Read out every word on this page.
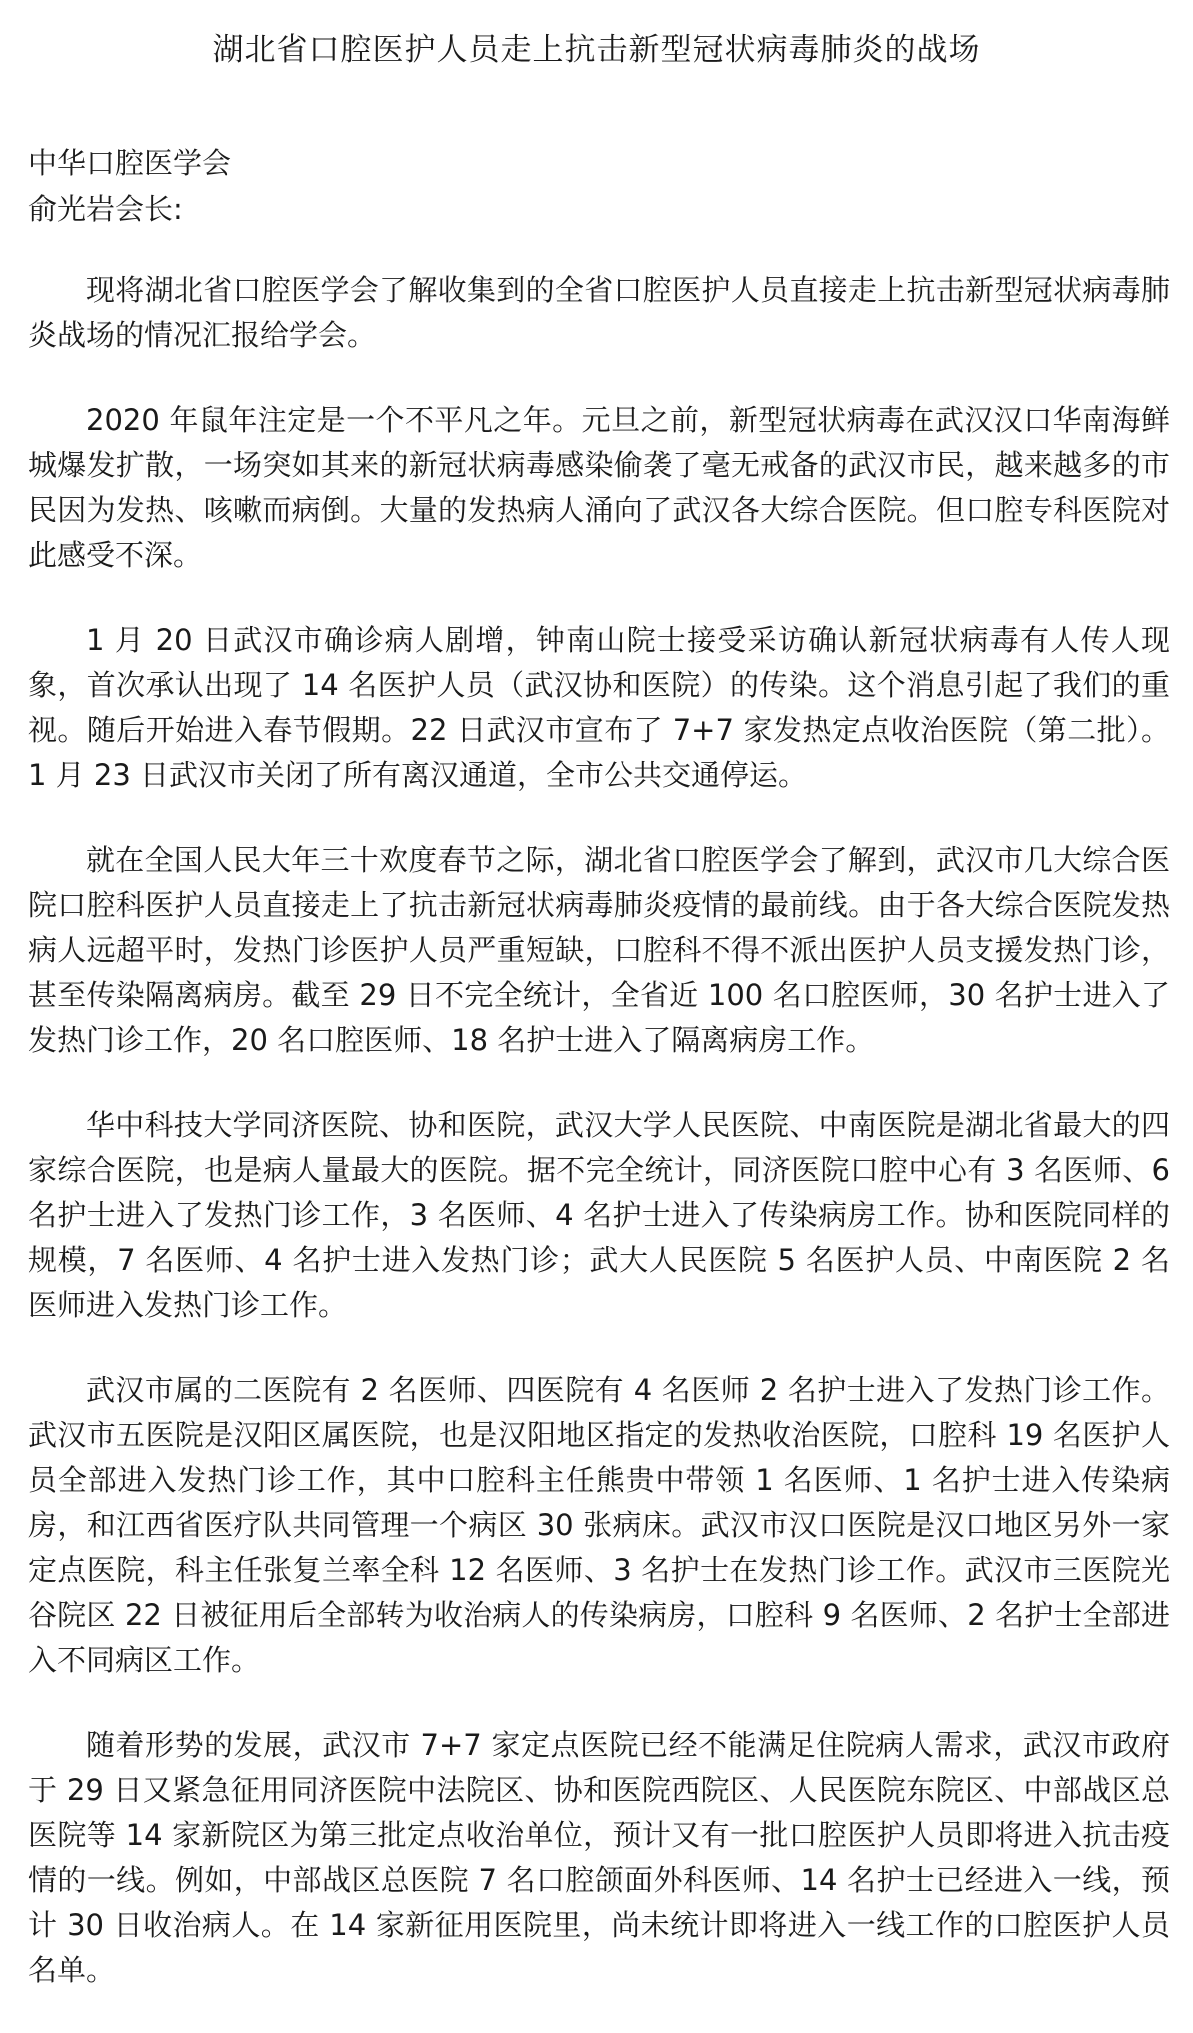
湖北省口腔医护人员走上抗击新型冠状病毒肺炎的战场
中华口腔医学会
俞光岩会长:

现将湖北省口腔医学会了解收集到的全省口腔医护人员直接走上抗击新型冠状病毒肺炎战场的情况汇报给学会。

2020 年鼠年注定是一个不平凡之年。元旦之前，新型冠状病毒在武汉汉口华南海鲜城爆发扩散，一场突如其来的新冠状病毒感染偷袭了毫无戒备的武汉市民，越来越多的市民因为发热、咳嗽而病倒。大量的发热病人涌向了武汉各大综合医院。但口腔专科医院对此感受不深。

1 月 20 日武汉市确诊病人剧增，钟南山院士接受采访确认新冠状病毒有人传人现象，首次承认出现了 14 名医护人员（武汉协和医院）的传染。这个消息引起了我们的重视。随后开始进入春节假期。22 日武汉市宣布了 7+7 家发热定点收治医院（第二批）。1 月 23 日武汉市关闭了所有离汉通道，全市公共交通停运。

就在全国人民大年三十欢度春节之际，湖北省口腔医学会了解到，武汉市几大综合医院口腔科医护人员直接走上了抗击新冠状病毒肺炎疫情的最前线。由于各大综合医院发热病人远超平时，发热门诊医护人员严重短缺，口腔科不得不派出医护人员支援发热门诊，甚至传染隔离病房。截至 29 日不完全统计，全省近 100 名口腔医师，30 名护士进入了发热门诊工作，20 名口腔医师、18 名护士进入了隔离病房工作。

华中科技大学同济医院、协和医院，武汉大学人民医院、中南医院是湖北省最大的四家综合医院，也是病人量最大的医院。据不完全统计，同济医院口腔中心有 3 名医师、6 名护士进入了发热门诊工作，3 名医师、4 名护士进入了传染病房工作。协和医院同样的规模，7 名医师、4 名护士进入发热门诊；武大人民医院 5 名医护人员、中南医院 2 名医师进入发热门诊工作。

武汉市属的二医院有 2 名医师、四医院有 4 名医师 2 名护士进入了发热门诊工作。武汉市五医院是汉阳区属医院，也是汉阳地区指定的发热收治医院，口腔科 19 名医护人员全部进入发热门诊工作，其中口腔科主任熊贵中带领 1 名医师、1 名护士进入传染病房，和江西省医疗队共同管理一个病区 30 张病床。武汉市汉口医院是汉口地区另外一家定点医院，科主任张复兰率全科 12 名医师、3 名护士在发热门诊工作。武汉市三医院光谷院区 22 日被征用后全部转为收治病人的传染病房，口腔科 9 名医师、2 名护士全部进入不同病区工作。

随着形势的发展，武汉市 7+7 家定点医院已经不能满足住院病人需求，武汉市政府于 29 日又紧急征用同济医院中法院区、协和医院西院区、人民医院东院区、中部战区总医院等 14 家新院区为第三批定点收治单位，预计又有一批口腔医护人员即将进入抗击疫情的一线。例如，中部战区总医院 7 名口腔颌面外科医师、14 名护士已经进入一线，预计 30 日收治病人。在 14 家新征用医院里，尚未统计即将进入一线工作的口腔医护人员名单。
